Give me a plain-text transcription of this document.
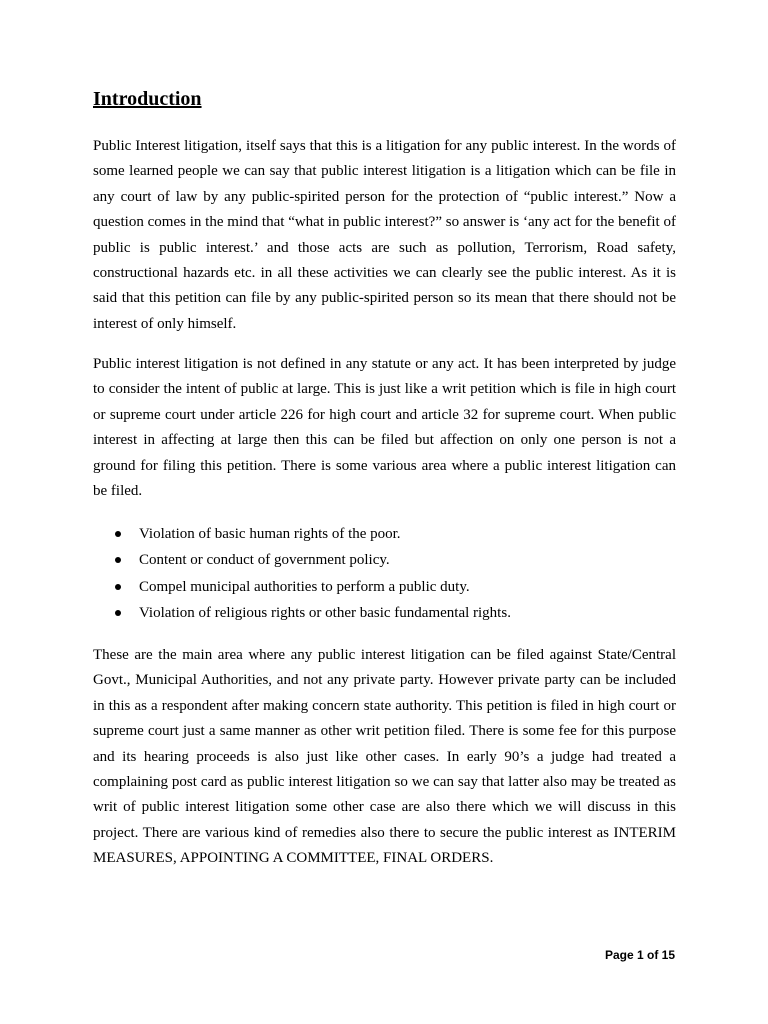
Introduction

Public Interest litigation, itself says that this is a litigation for any public interest. In the words of some learned people we can say that public interest litigation is a litigation which can be file in any court of law by any public-spirited person for the protection of “public interest.” Now a question comes in the mind that “what in public interest?” so answer is ‘any act for the benefit of public is public interest.’ and those acts are such as pollution, Terrorism, Road safety, constructional hazards etc. in all these activities we can clearly see the public interest. As it is said that this petition can file by any public-spirited person so its mean that there should not be interest of only himself.

Public interest litigation is not defined in any statute or any act. It has been interpreted by judge to consider the intent of public at large. This is just like a writ petition which is file in high court or supreme court under article 226 for high court and article 32 for supreme court. When public interest in affecting at large then this can be filed but affection on only one person is not a ground for filing this petition. There is some various area where a public interest litigation can be filed.

Violation of basic human rights of the poor.
Content or conduct of government policy.
Compel municipal authorities to perform a public duty.
Violation of religious rights or other basic fundamental rights.

These are the main area where any public interest litigation can be filed against State/Central Govt., Municipal Authorities, and not any private party. However private party can be included in this as a respondent after making concern state authority. This petition is filed in high court or supreme court just a same manner as other writ petition filed. There is some fee for this purpose and its hearing proceeds is also just like other cases. In early 90’s a judge had treated a complaining post card as public interest litigation so we can say that latter also may be treated as writ of public interest litigation some other case are also there which we will discuss in this project. There are various kind of remedies also there to secure the public interest as INTERIM MEASURES, APPOINTING A COMMITTEE, FINAL ORDERS.

Page 1 of 15
